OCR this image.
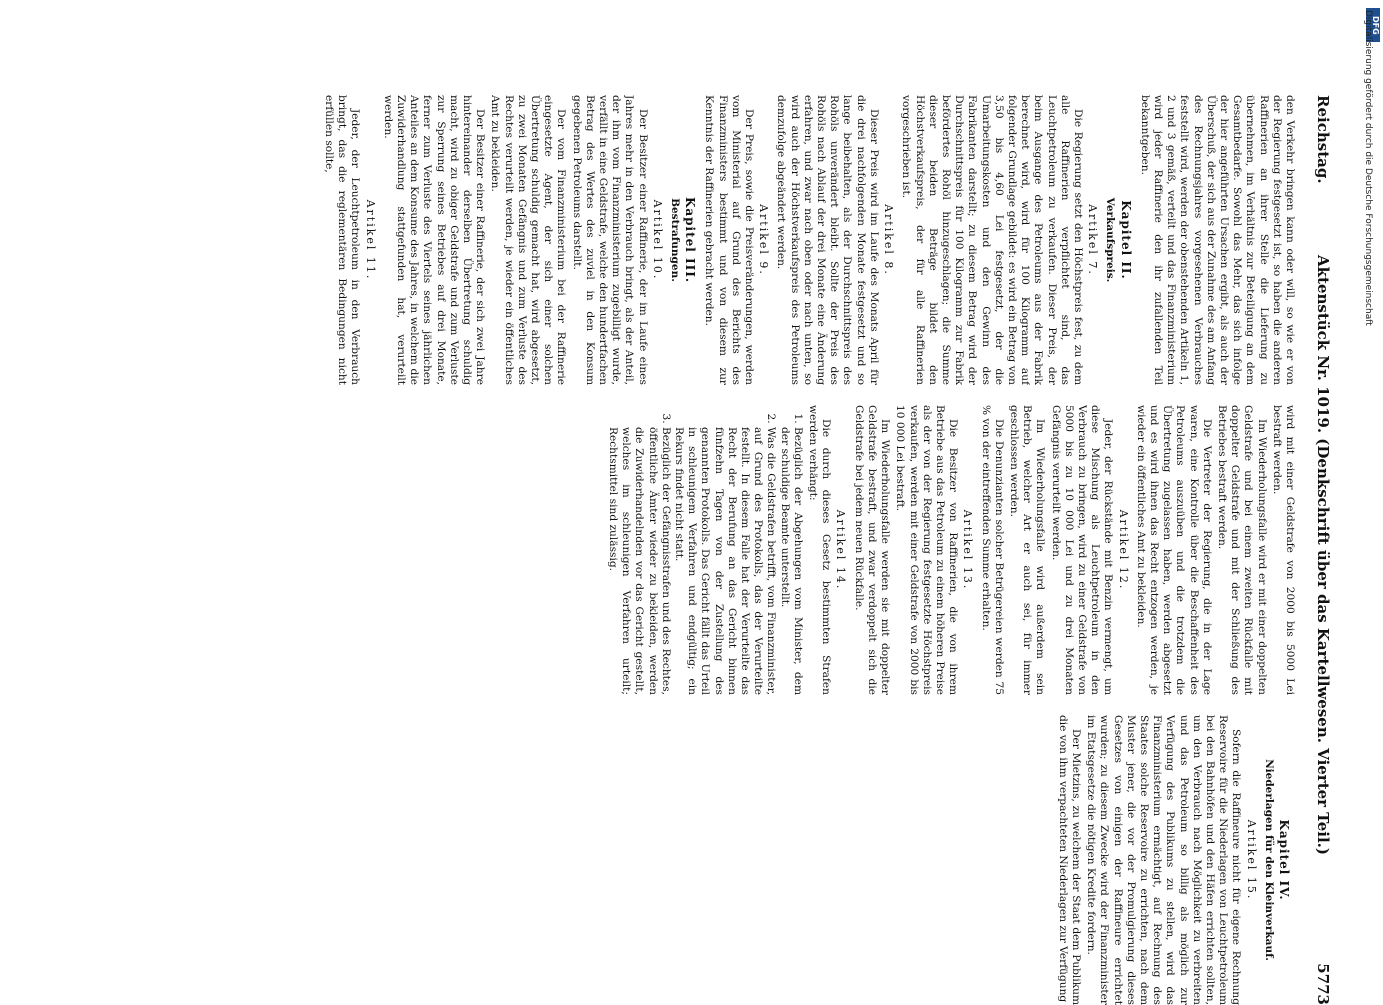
Reichstag.
Aktenstück Nr. 1019. (Denkschrift über das Kartellwesen. Vierter Teil.)
5773

den Verkehr bringen kann oder will, so wie er von der Regierung festgesetzt ist, so haben die anderen Raffinerien an ihrer Stelle die Lieferung zu übernehmen, im Verhältnis zur Beteiligung an dem Gesamtbedarfe. Sowohl das Mehr, das sich infolge der hier angeführten Ursachen ergibt, als auch der Überschuß, der sich aus der Zunahme des am Anfang des Rechnungsjahres vorgesehenen Verbrauches feststellt wird, werden der obenstehenden Artikeln 1, 2 und 3 gemäß, verteilt und das Finanzministerium wird jeder Raffinerie den ihr zufallenden Teil bekanntgeben.

Kapitel II.
Verkaufspreis.
Artikel 7.

Die Regierung setzt den Höchstpreis fest, zu dem alle Raffinerien verpflichtet sind, das Leuchtpetroleum zu verkaufen. Dieser Preis, der beim Ausgange des Petroleums aus der Fabrik berechnet wird, wird für 100 Kilogramm auf folgender Grundlage gebildet: es wird ein Betrag von 3,50 bis 4,60 Lei festgesetzt, der die Umarbeitungskosten und den Gewinn des Fabrikanten darstellt; zu diesem Betrag wird der Durchschnittspreis für 100 Kilogramm zur Fabrik befördertes Rohöl hinzugeschlagen; die Summe dieser beiden Beträge bildet den Höchstverkaufspreis, der für alle Raffinerien vorgeschrieben ist.

Artikel 8.

Dieser Preis wird im Laufe des Monats April für die drei nachfolgenden Monate festgesetzt und so lange beibehalten, als der Durchschnittspreis des Rohöls unverändert bleibt. Sollte der Preis des Rohöls nach Ablauf der drei Monate eine Änderung erfahren, und zwar nach oben oder nach unten, so wird auch der Höchstverkaufspreis des Petroleums demzufolge abgeändert werden.

Artikel 9.

Der Preis, sowie die Preisveränderungen, werden vom Ministerial auf Grund des Berichts des Finanzministers bestimmt und von diesem zur Kenntnis der Raffinerien gebracht werden.

Kapitel III.
Bestrafungen.
Artikel 10.

Der Besitzer einer Raffinerie, der im Laufe eines Jahres mehr in den Verbrauch bringt, als der Anteil, der ihm vom Finanzministerium zugebilligt wurde, verfällt in eine Geldstrafe, welche den hundertfachen Betrag des Wertes des zuviel in den Konsum gegebenen Petroleums darstellt.

Der vom Finanzministerium bei der Raffinerie eingesetzte Agent, der sich einer solchen Übertretung schuldig gemacht hat, wird abgesetzt, zu zwei Monaten Gefängnis und zum Verluste des Rechtes verurteilt werden, je wieder ein öffentliches Amt zu bekleiden.

Der Besitzer einer Raffinerie, der sich zwei Jahre hintereinander derselben Übertretung schuldig macht, wird zu obiger Geldstrafe und zum Verluste zur Sperrung seines Betriebes auf drei Monate, ferner zum Verluste des Viertels seines jährlichen Anteiles an dem Konsume des Jahres, in welchem die Zuwiderhandlung stattgefunden hat, verurteilt werden.

Artikel 11.

Jeder, der Leuchtpetroleum in den Verbrauch bringt, das die reglementären Bedingungen nicht erfüllen sollte,

wird mit einer Geldstrafe von 2000 bis 5000 Lei bestraft werden.

Im Wiederholungsfalle wird er mit einer doppelten Geldstrafe und bei einem zweiten Rückfalle mit doppelter Geldstrafe und mit der Schließung des Betriebes bestraft werden.

Die Vertreter der Regierung, die in der Lage waren, eine Kontrolle über die Beschaffenheit des Petroleums auszuüben und die trotzdem die Übertretung zugelassen haben, werden abgesetzt und es wird ihnen das Recht entzogen werden, je wieder ein öffentliches Amt zu bekleiden.

Artikel 12.

Jeder, der Rückstände mit Benzin vermengt, um diese Mischung als Leuchtpetroleum in den Verbrauch zu bringen, wird zu einer Geldstrafe von 5000 bis zu 10 000 Lei und zu drei Monaten Gefängnis verurteilt werden.

Im Wiederholungsfalle wird außerdem sein Betrieb, welcher Art er auch sei, für immer geschlossen werden.

Die Denunzianten solcher Betrügereien werden 75 % von der eintreffenden Summe erhalten.

Artikel 13.

Die Besitzer von Raffinerien, die von ihrem Betriebe aus das Petroleum zu einem höheren Preise als der von der Regierung festgesetzte Höchstpreis verkaufen, werden mit einer Geldstrafe von 2000 bis 10 000 Lei bestraft.

Im Wiederholungsfalle werden sie mit doppelter Geldstrafe bestraft, und zwar verdoppelt sich die Geldstrafe bei jedem neuen Rückfalle.

Artikel 14.

Die durch dieses Gesetz bestimmten Strafen werden verhängt:

1. Bezüglich der Abgehungen vom Minister, dem der schuldige Beamte unterstellt.
2. Was die Geldstrafen betrifft, vom Finanzminister, auf Grund des Protokolls, das der Verurteilte festellt. In diesem Falle hat der Verurteilte das Recht der Berufung an das Gericht binnen fünfzehn Tagen von der Zustellung des genannten Protokolls. Das Gericht fällt das Urteil in schleunigem Verfahren und endgültig; ein Rekurs findet nicht statt.
3. Bezüglich der Gefängnisstrafen und des Rechtes, öffentliche Ämter wieder zu bekleiden, werden die Zuwiderhandelnden vor das Gericht gestellt, welches im schleunigen Verfahren urteilt; Rechtsmittel sind zulässig.
Kapitel IV.
Niederlagen für den Kleinverkauf.
Artikel 15.

Sofern die Raffineure nicht für eigene Rechnung Reservoire für die Niederlagen von Leuchtpetroleum bei den Bahnhöfen und den Häfen errichten sollten, um den Verbrauch nach Möglichkeit zu verbreiten und das Petroleum so billig als möglich zur Verfügung des Publikums zu stellen, wird das Finanzministerium ermächtigt, auf Rechnung des Staates solche Reservoire zu errichten, nach dem Muster jener, die vor der Promulgierung dieses Gesetzes von einigen der Raffineure errichtet wurden; zu diesem Zwecke wird der Finanzminister im Etatsgesetze die nötigen Kredite fordern.

Der Mietzins, zu welchem der Staat dem Publikum die von ihm verpachteten Niederlagen zur Verfügung

DFG
Digitalisierung gefördert durch die Deutsche Forschungsgemeinschaft
